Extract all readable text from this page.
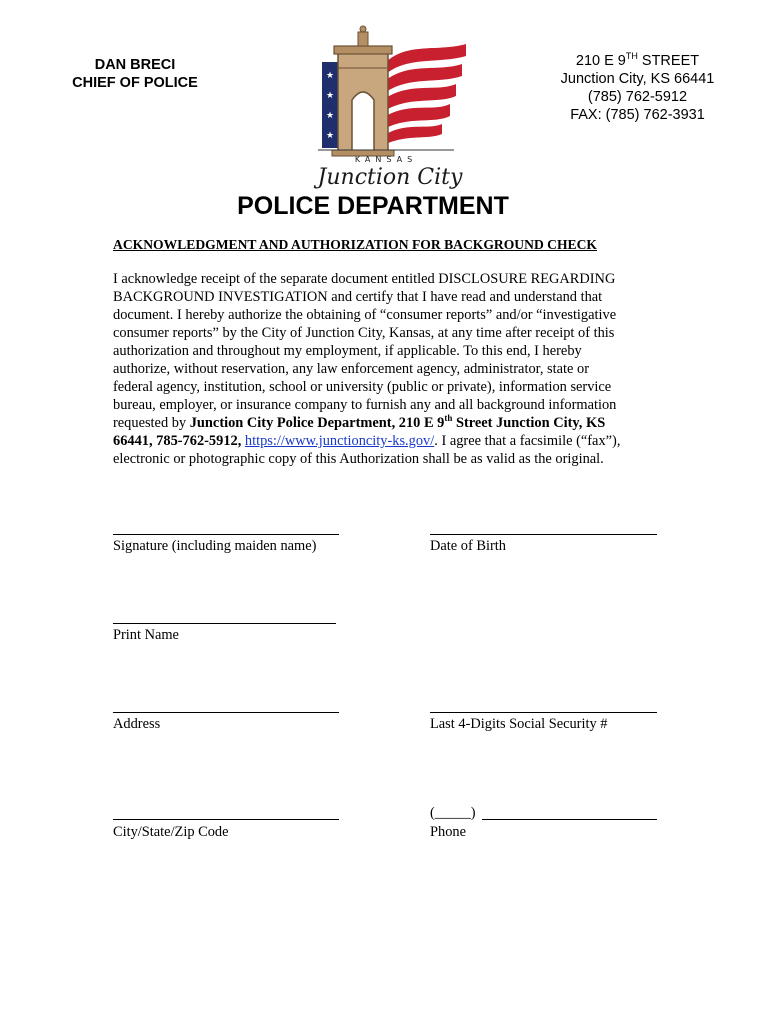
DAN BRECI
CHIEF OF POLICE	★
★
★
★
KANSAS
Junction City
210 E 9TH STREET
Junction City, KS 66441
(785) 762-5912
FAX: (785) 762-3931
POLICE DEPARTMENT
ACKNOWLEDGMENT AND AUTHORIZATION FOR BACKGROUND CHECK

I acknowledge receipt of the separate document entitled DISCLOSURE REGARDING

BACKGROUND INVESTIGATION and certify that I have read and understand that

document. I hereby authorize the obtaining of “consumer reports” and/or “investigative

consumer reports” by the City of Junction City, Kansas, at any time after receipt of this

authorization and throughout my employment, if applicable. To this end, I hereby

authorize, without reservation, any law enforcement agency, administrator, state or

federal agency, institution, school or university (public or private), information service

bureau, employer, or insurance company to furnish any and all background information

requested by Junction City Police Department, 210 E 9th Street Junction City, KS

66441, 785-762-5912, https://www.junctioncity-ks.gov/. I agree that a facsimile (“fax”),

electronic or photographic copy of this Authorization shall be as valid as the original.

Signature (including maiden name)	Date of Birth
Print Name
Address	Last 4-Digits Social Security #
City/State/Zip Code
(_____)
Phone
